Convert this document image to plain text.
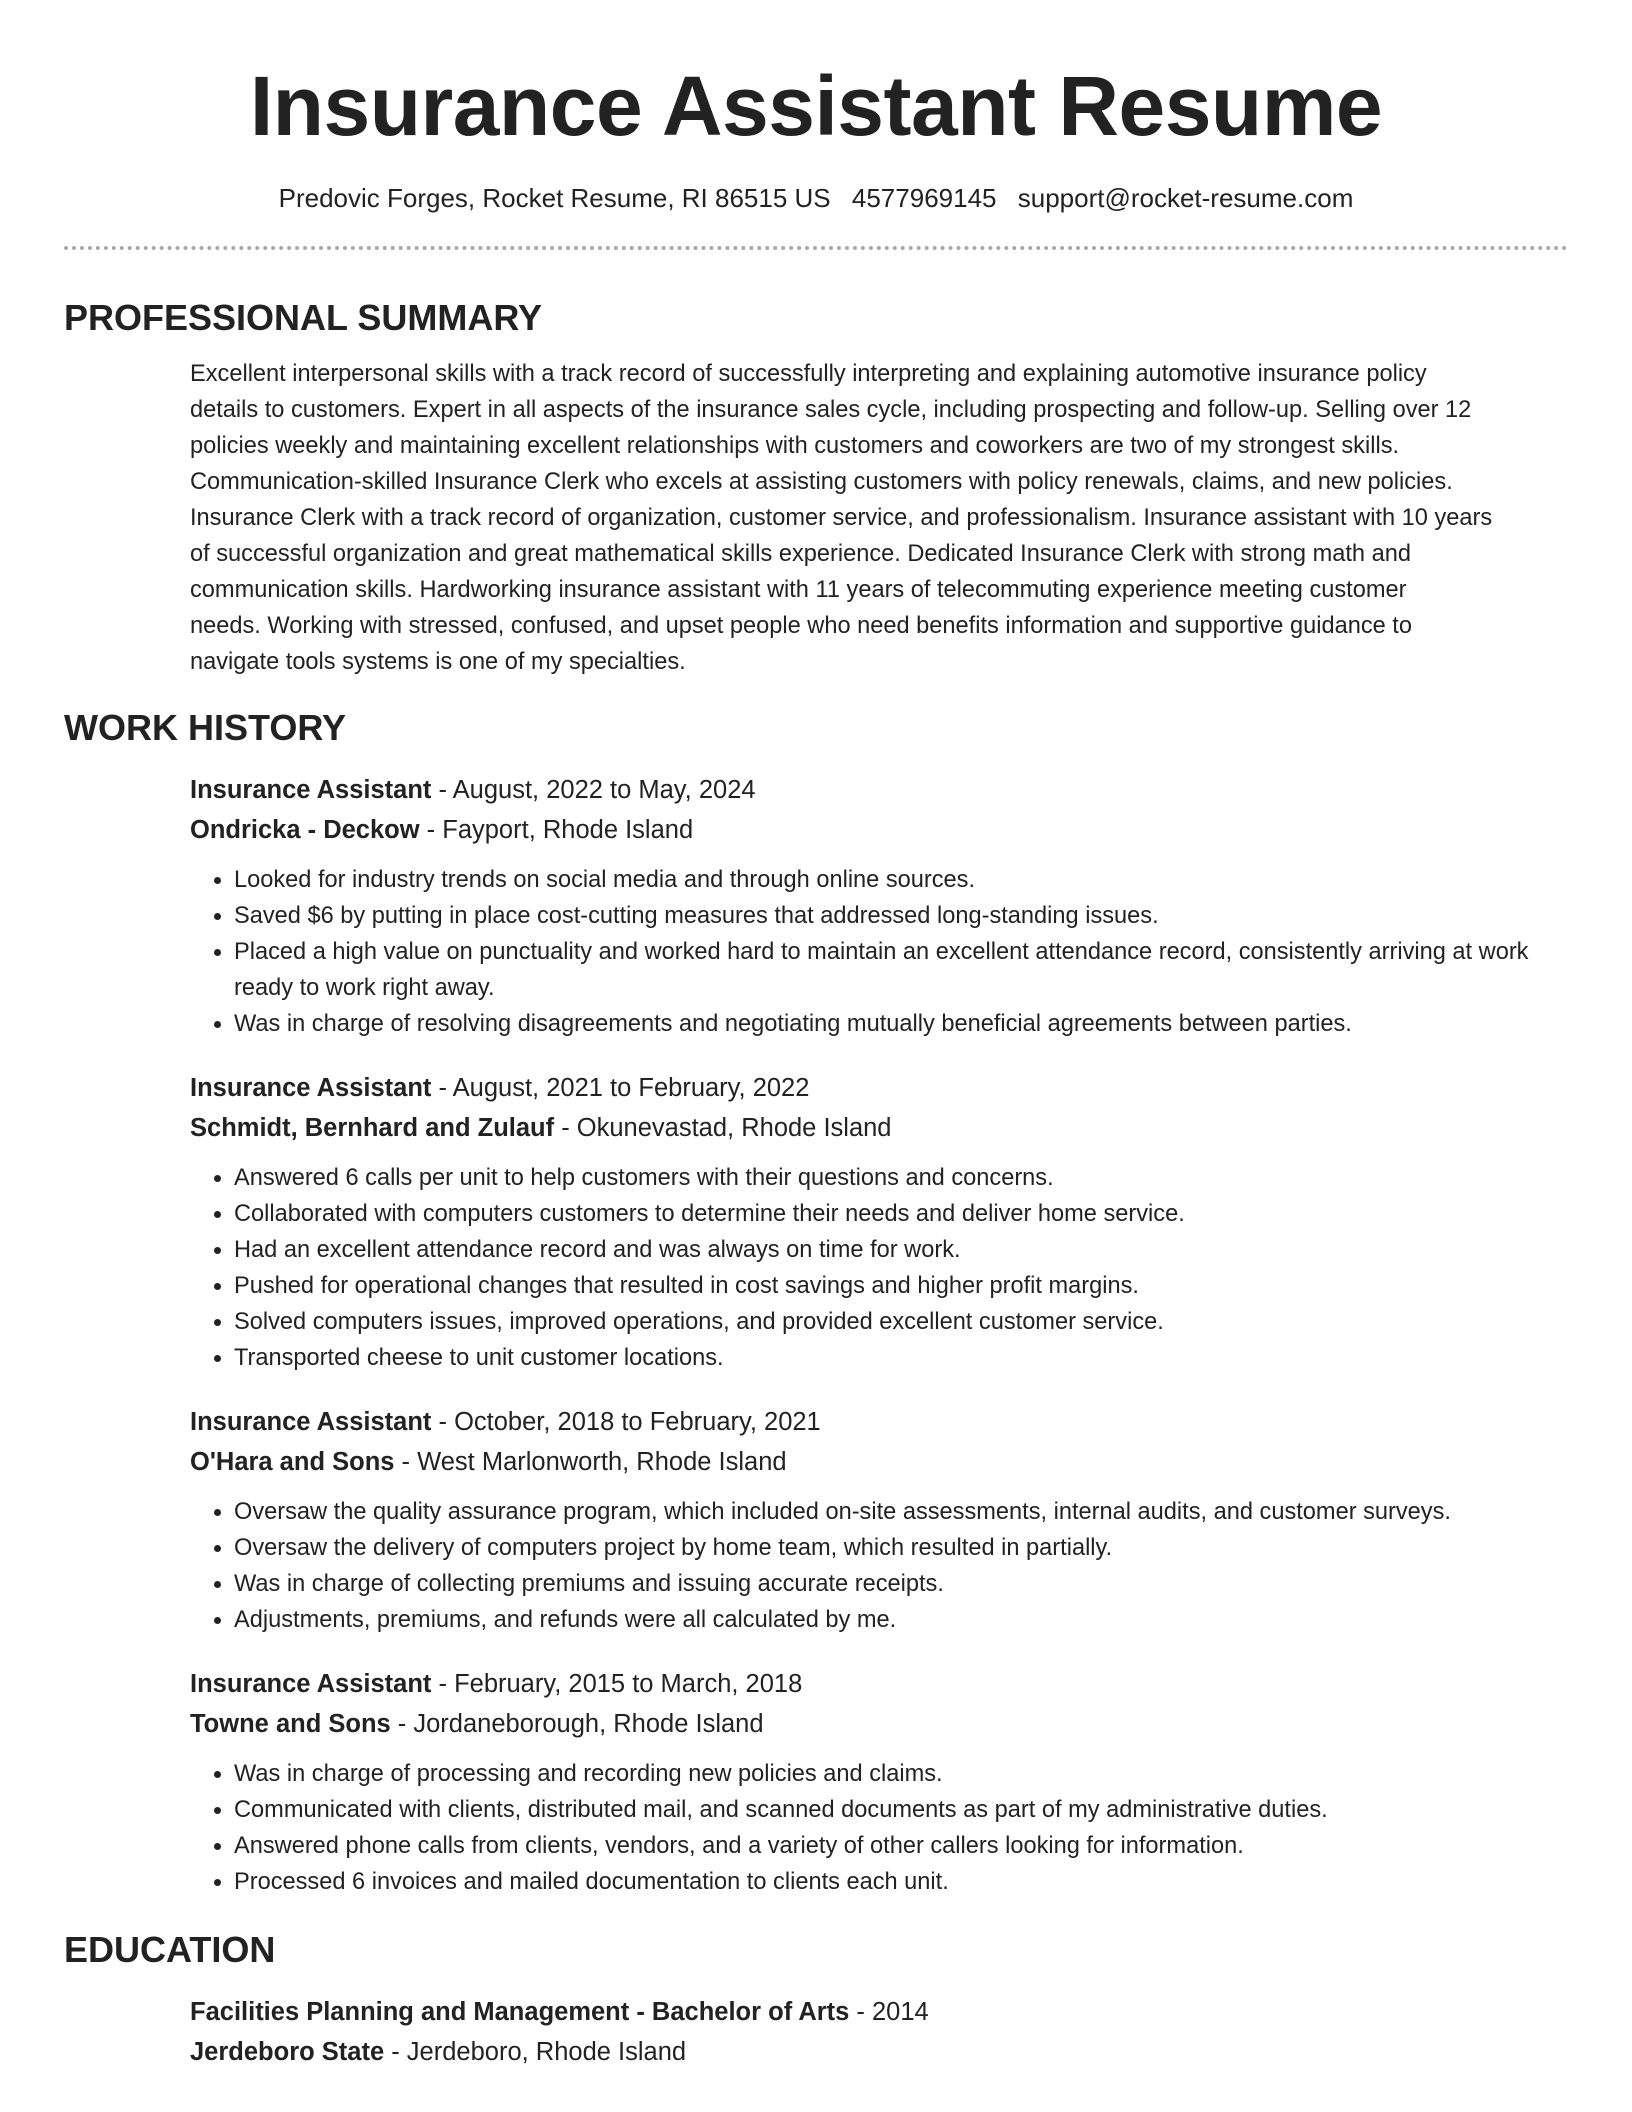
Insurance Assistant Resume
Predovic Forges, Rocket Resume, RI 86515 US 4577969145 support@rocket-resume.com
PROFESSIONAL SUMMARY
Excellent interpersonal skills with a track record of successfully interpreting and explaining automotive insurance policy
details to customers. Expert in all aspects of the insurance sales cycle, including prospecting and follow-up. Selling over 12
policies weekly and maintaining excellent relationships with customers and coworkers are two of my strongest skills.
Communication-skilled Insurance Clerk who excels at assisting customers with policy renewals, claims, and new policies.
Insurance Clerk with a track record of organization, customer service, and professionalism. Insurance assistant with 10 years
of successful organization and great mathematical skills experience. Dedicated Insurance Clerk with strong math and
communication skills. Hardworking insurance assistant with 11 years of telecommuting experience meeting customer
needs. Working with stressed, confused, and upset people who need benefits information and supportive guidance to
navigate tools systems is one of my specialties.
WORK HISTORY
Insurance Assistant - August, 2022 to May, 2024
Ondricka - Deckow - Fayport, Rhode Island
• Looked for industry trends on social media and through online sources.
• Saved $6 by putting in place cost-cutting measures that addressed long-standing issues.
• Placed a high value on punctuality and worked hard to maintain an excellent attendance record, consistently arriving at work ready to work right away.
• Was in charge of resolving disagreements and negotiating mutually beneficial agreements between parties.
Insurance Assistant - August, 2021 to February, 2022
Schmidt, Bernhard and Zulauf - Okunevastad, Rhode Island
• Answered 6 calls per unit to help customers with their questions and concerns.
• Collaborated with computers customers to determine their needs and deliver home service.
• Had an excellent attendance record and was always on time for work.
• Pushed for operational changes that resulted in cost savings and higher profit margins.
• Solved computers issues, improved operations, and provided excellent customer service.
• Transported cheese to unit customer locations.
Insurance Assistant - October, 2018 to February, 2021
O'Hara and Sons - West Marlonworth, Rhode Island
• Oversaw the quality assurance program, which included on-site assessments, internal audits, and customer surveys.
• Oversaw the delivery of computers project by home team, which resulted in partially.
• Was in charge of collecting premiums and issuing accurate receipts.
• Adjustments, premiums, and refunds were all calculated by me.
Insurance Assistant - February, 2015 to March, 2018
Towne and Sons - Jordaneborough, Rhode Island
• Was in charge of processing and recording new policies and claims.
• Communicated with clients, distributed mail, and scanned documents as part of my administrative duties.
• Answered phone calls from clients, vendors, and a variety of other callers looking for information.
• Processed 6 invoices and mailed documentation to clients each unit.
EDUCATION
Facilities Planning and Management - Bachelor of Arts - 2014
Jerdeboro State - Jerdeboro, Rhode Island
